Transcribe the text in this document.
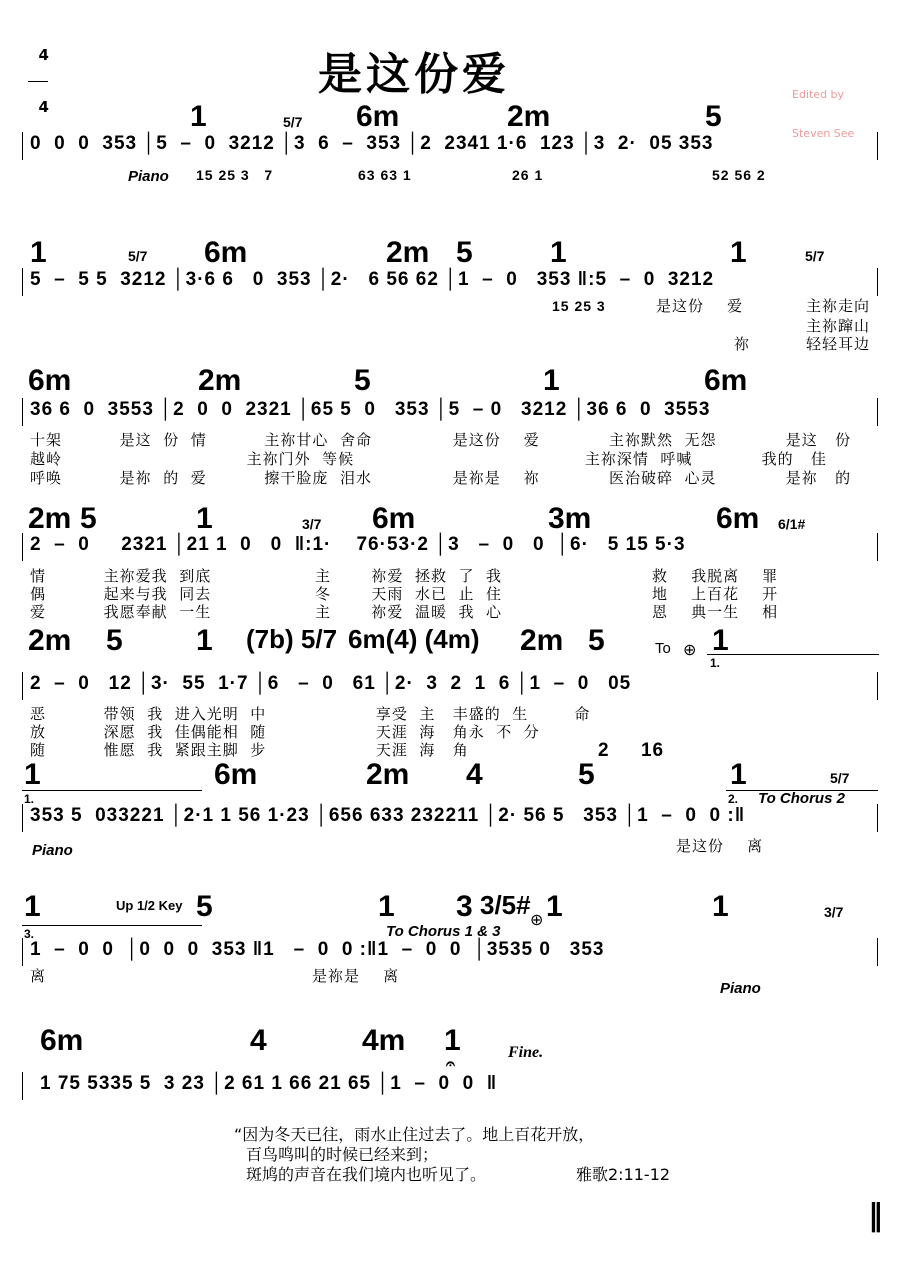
4

4

是这份爱

	Edited by

Steven See

1	5/7 6m	2m	5
0  0  0  353 │5  –  0  3212 │3  6  –  353 │2  2341 1·6  123 │3  2·  05 353
Piano 15 25 3   7	63 63 1	26 1	52 56 2
1	5/7 6m	2m 5	1	1	5/7
5  –  5 5  3212 │3·6 6   0  353 │2·   6 56 62 │1  –  0   353 ‖:5  –  0  3212
15 25 3	是这份    爱	主祢走向
主祢蹿山
祢	轻轻耳边
6m	2m	5	1	6m
36 6  0  3553 │2  0  0  2321 │65 5  0   353 │5  – 0   3212 │36 6  0  3553
十架          是这  份  情          主祢甘心  舍命              是这份    爱            主祢默然  无怨            是这   份
越岭                                主祢门外  等候                                        主祢深情  呼喊            我的   佳
呼唤          是祢  的  爱          擦干脸庞  泪水              是祢是    祢            医治破碎  心灵            是祢   的
2m 5	1	3/7 6m	3m	6m 6/1#
2  –  0     2321 │21 1  0   0  ‖:1·    76·53·2 │3   –  0   0  │6·   5 15 5·3
情          主祢爱我  到底                  主       祢爱  拯救  了  我                          救    我脱离    罪
偶          起来与我  同去                  冬       天雨  水已  止  住                          地    上百花    开
爱          我愿奉献  一生                  主       祢爱  温暖  我  心                          恩    典一生    相
2m 5 1 (7b) 5/7 6m(4) (4m) 2m 5	To ⊕ 1
1.
2  –  0   12 │3·  55  1·7 │6   –  0   61 │2·  3  2  1  6 │1  –  0   05
恶          带领  我  进入光明  中                   享受  主   丰盛的  生        命
放          深愿  我  佳偶能相  随                   天涯  海   角永  不  分
随          惟愿  我  紧跟主脚  步                   天涯  海   角	2     16
1	6m	2m 4	5	1	5/7
1.	2. To Chorus 2
353 5  033221 │2·1 1 56 1·23 │656 633 232211 │2· 56 5   353 │1  –  0  0 :‖
Piano	是这份    离
1	Up 1/2 Key 5	1 3 3/5# ⊕ 1	1	3/7
3.	To Chorus 1 & 3
1  –  0  0  │0  0  0  353 ‖1   –  0  0 :‖1  –  0  0  │3535 0   353
离	是祢是    离
Piano
6m	4	4m 1
𝄐
Fine.
1 75 5335 5  3 23 │2 61 1 66 21 65 │1  –  0  0  ‖
“因为冬天已往，雨水止住过去了。地上百花开放，
百鸟鸣叫的时候已经来到；
斑鸠的声音在我们境内也听见了。	雅歌2:11-12
‖
